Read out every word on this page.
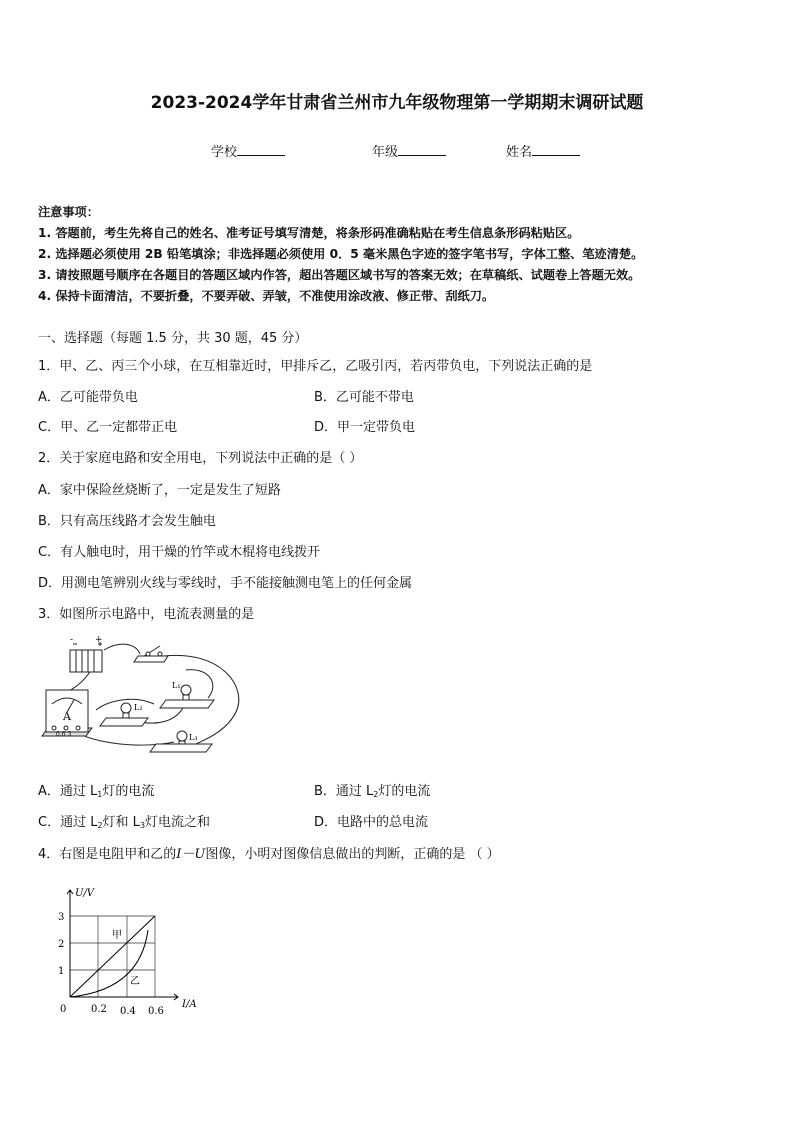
2023-2024学年甘肃省兰州市九年级物理第一学期期末调研试题
学校	年级	姓名
注意事项：
1. 答题前，考生先将自己的姓名、准考证号填写清楚，将条形码准确粘贴在考生信息条形码粘贴区。
2. 选择题必须使用 2B 铅笔填涂；非选择题必须使用 0．5 毫米黑色字迹的签字笔书写，字体工整、笔迹清楚。
3. 请按照题号顺序在各题目的答题区域内作答，超出答题区域书写的答案无效；在草稿纸、试题卷上答题无效。
4. 保持卡面清洁，不要折叠，不要弄破、弄皱，不准使用涂改液、修正带、刮纸刀。
一、选择题（每题 1.5 分，共 30 题，45 分）
1．甲、乙、丙三个小球，在互相靠近时，甲排斥乙，乙吸引丙，若丙带负电，下列说法正确的是
A．乙可能带负电	B．乙可能不带电
C．甲、乙一定都带正电	D．甲一定带负电
2．关于家庭电路和安全用电，下列说法中正确的是（ ）
A．家中保险丝烧断了，一定是发生了短路
B．只有高压线路才会发生触电
C．有人触电时，用干燥的竹竿或木棍将电线拨开
D．用测电笔辨别火线与零线时，手不能接触测电笔上的任何金属
3．如图所示电路中，电流表测量的是
L₁
L₂
L₃
A
0.6 3
+
-
A．通过 $L_1$灯的电流	B．通过 $L_2$灯的电流
C．通过 $L_2$灯和 $L_3$灯电流之和	D．电路中的总电流
4．右图是电阻甲和乙的I－U图像，小明对图像信息做出的判断，正确的是 （ ）
U/V
I/A
1
2
3
0 0.2 0.4 0.6
甲
乙
